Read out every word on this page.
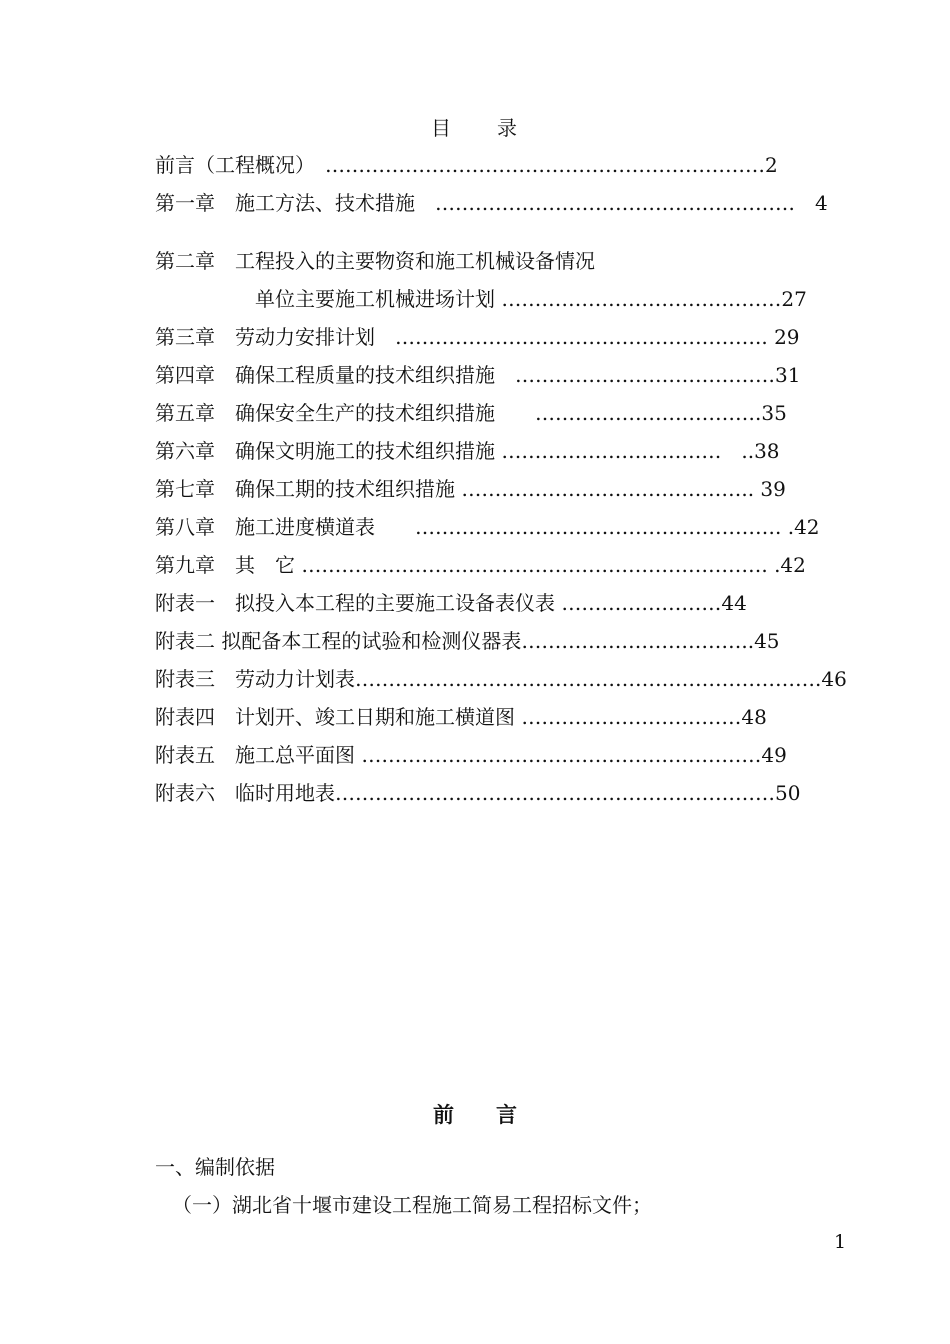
目　　录
前言（工程概况）　…………………………………………………………2
第一章　施工方法、技术措施　………………………………………………　4
第二章　工程投入的主要物资和施工机械设备情况
　　　　　单位主要施工机械进场计划 ……………………………………27
第三章　劳动力安排计划　……………………………………………….. 29
第四章　确保工程质量的技术组织措施　…………………………………31
第五章　确保安全生产的技术组织措施　　…………………………….35
第六章　确保文明施工的技术组织措施 ……………………………　..38
第七章　确保工期的技术组织措施 …………………………………….. 39
第八章　施工进度横道表　　………………………………………………. .42
第九章　其　它 ……………………………………………………………. .42
附表一　拟投入本工程的主要施工设备表仪表 ……………………44
附表二 拟配备本工程的试验和检测仪器表……………………………..45
附表三　劳动力计划表…………………………………………………………….46
附表四　计划开、竣工日期和施工横道图 ……………………………48
附表五　施工总平面图 ……………………………………………………49
附表六　临时用地表…………………………………………………………50
前　　言
一、编制依据
（一）湖北省十堰市建设工程施工简易工程招标文件；
1
